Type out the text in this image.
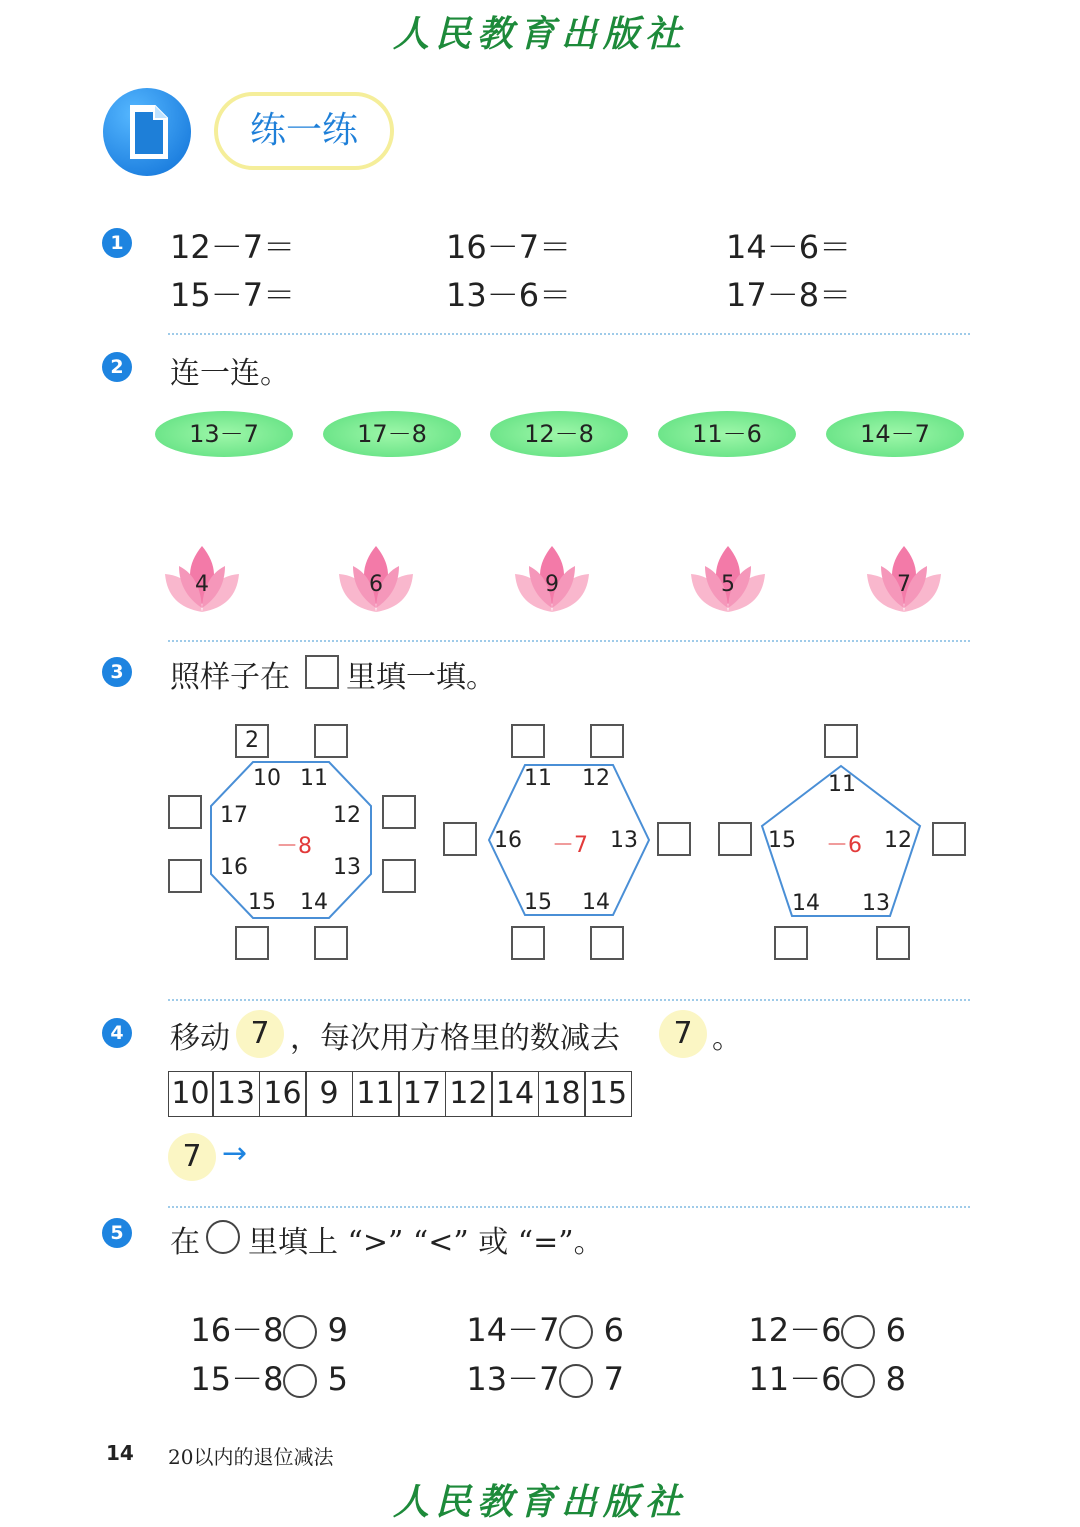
人民教育出版社
练一练
1 12－7＝	16－7＝	14－6＝
15－7＝	13－6＝	17－8＝
2 连一连。
13－7	17－8	12－8	11－6	14－7
4	6	9	5	7
3 照样子在 里填一填。
2
10 11
12
13
14
15
16
17
－8
11 12
13
14
15
16 －7
11
12
13
14
15 －6
4 移动 7 ，每次用方格里的数减去	7 。
10 13 16 9 11 17 12 14 18 15
7 →
5 在 里填上 “>” “<” 或 “=”。

16－8 9	14－7 6	12－6 6

15－8 5	13－7 7	11－6 8

14 20以内的退位减法
人民教育出版社
